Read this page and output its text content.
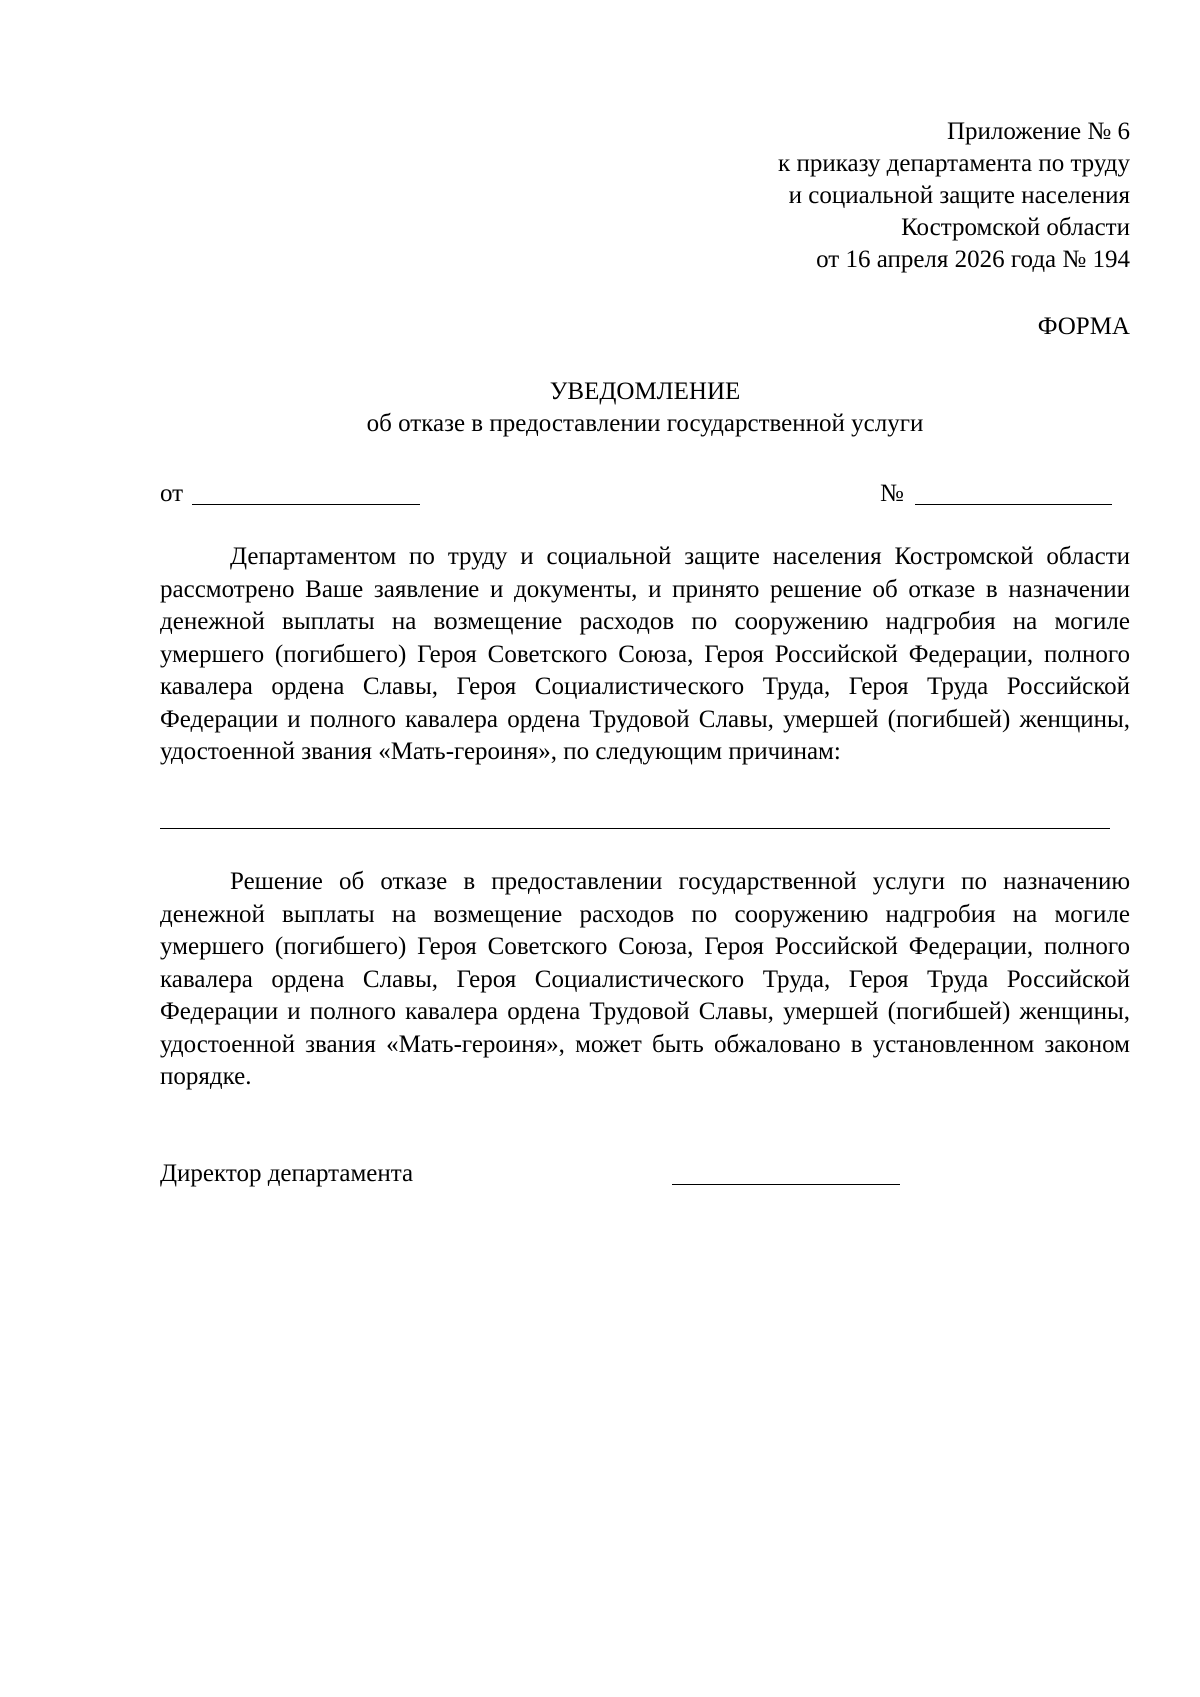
Приложение № 6
к приказу департамента по труду
и социальной защите населения
Костромской области
от 16 апреля 2026 года № 194
ФОРМА
УВЕДОМЛЕНИЕ
об отказе в предоставлении государственной услуги
от	№

Департаментом по труду и социальной защите населения Костромской области рассмотрено Ваше заявление и документы, и принято решение об отказе в назначении денежной выплаты на возмещение расходов по сооружению надгробия на могиле умершего (погибшего) Героя Советского Союза, Героя Российской Федерации, полного кавалера ордена Славы, Героя Социалистического Труда, Героя Труда Российской Федерации и полного кавалера ордена Трудовой Славы, умершей (погибшей) женщины, удостоенной звания «Мать-героиня», по следующим причинам:

Решение об отказе в предоставлении государственной услуги по назначению денежной выплаты на возмещение расходов по сооружению надгробия на могиле умершего (погибшего) Героя Советского Союза, Героя Российской Федерации, полного кавалера ордена Славы, Героя Социалистического Труда, Героя Труда Российской Федерации и полного кавалера ордена Трудовой Славы, умершей (погибшей) женщины, удостоенной звания «Мать-героиня», может быть обжаловано в установленном законом порядке.

Директор департамента
